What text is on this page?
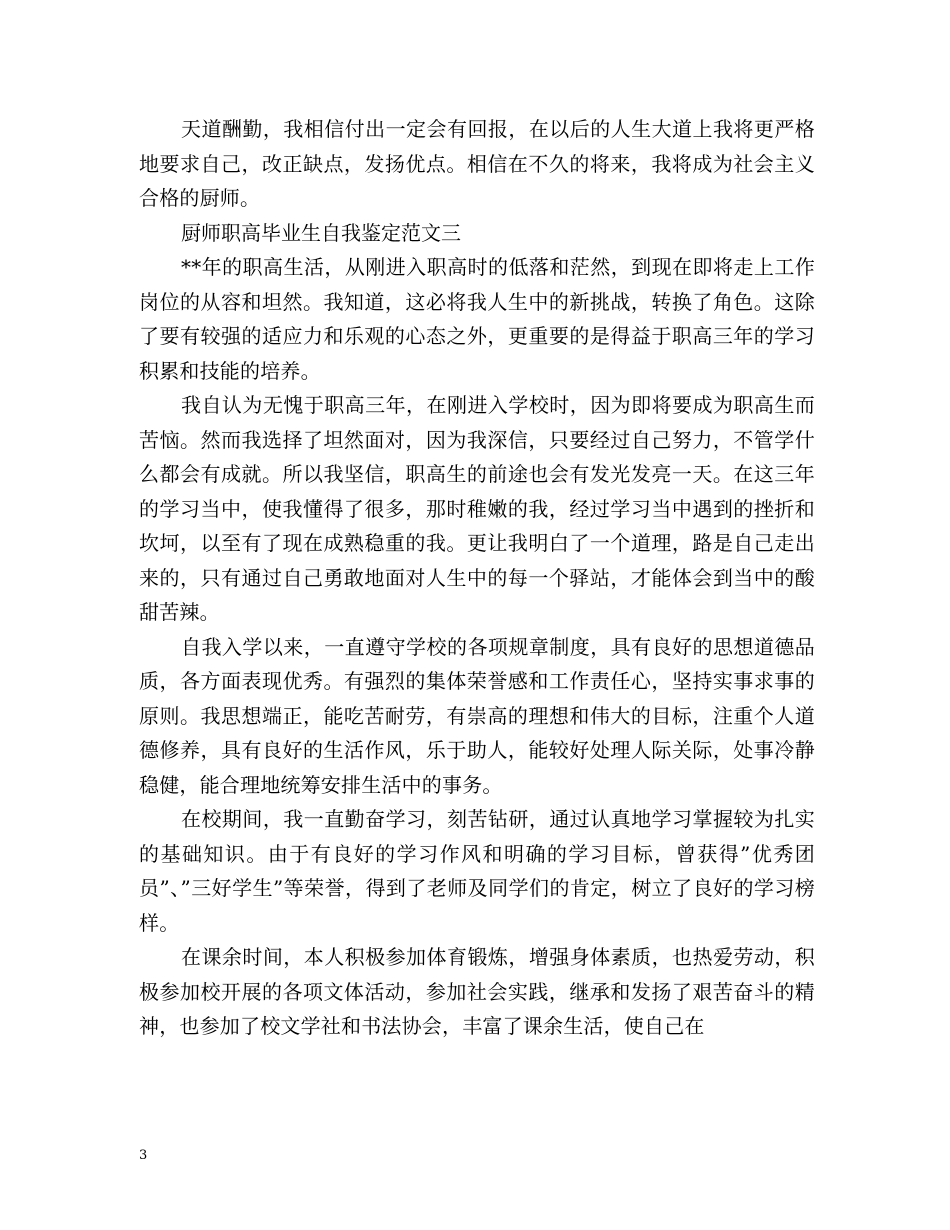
天道酬勤，我相信付出一定会有回报，在以后的人生大道上我将更严格地要求自己，改正缺点，发扬优点。相信在不久的将来，我将成为社会主义合格的厨师。

厨师职高毕业生自我鉴定范文三

**年的职高生活，从刚进入职高时的低落和茫然，到现在即将走上工作岗位的从容和坦然。我知道，这必将我人生中的新挑战，转换了角色。这除了要有较强的适应力和乐观的心态之外，更重要的是得益于职高三年的学习积累和技能的培养。

我自认为无愧于职高三年，在刚进入学校时，因为即将要成为职高生而苦恼。然而我选择了坦然面对，因为我深信，只要经过自己努力，不管学什么都会有成就。所以我坚信，职高生的前途也会有发光发亮一天。在这三年的学习当中，使我懂得了很多，那时稚嫩的我，经过学习当中遇到的挫折和坎坷，以至有了现在成熟稳重的我。更让我明白了一个道理，路是自己走出来的，只有通过自己勇敢地面对人生中的每一个驿站，才能体会到当中的酸甜苦辣。

自我入学以来，一直遵守学校的各项规章制度，具有良好的思想道德品质，各方面表现优秀。有强烈的集体荣誉感和工作责任心，坚持实事求事的原则。我思想端正，能吃苦耐劳，有崇高的理想和伟大的目标，注重个人道德修养，具有良好的生活作风，乐于助人，能较好处理人际关际，处事冷静稳健，能合理地统筹安排生活中的事务。

在校期间，我一直勤奋学习，刻苦钻研，通过认真地学习掌握较为扎实的基础知识。由于有良好的学习作风和明确的学习目标，曾获得”优秀团员”、”三好学生”等荣誉，得到了老师及同学们的肯定，树立了良好的学习榜样。

在课余时间，本人积极参加体育锻炼，增强身体素质，也热爱劳动，积极参加校开展的各项文体活动，参加社会实践，继承和发扬了艰苦奋斗的精神，也参加了校文学社和书法协会，丰富了课余生活，使自己在

3
